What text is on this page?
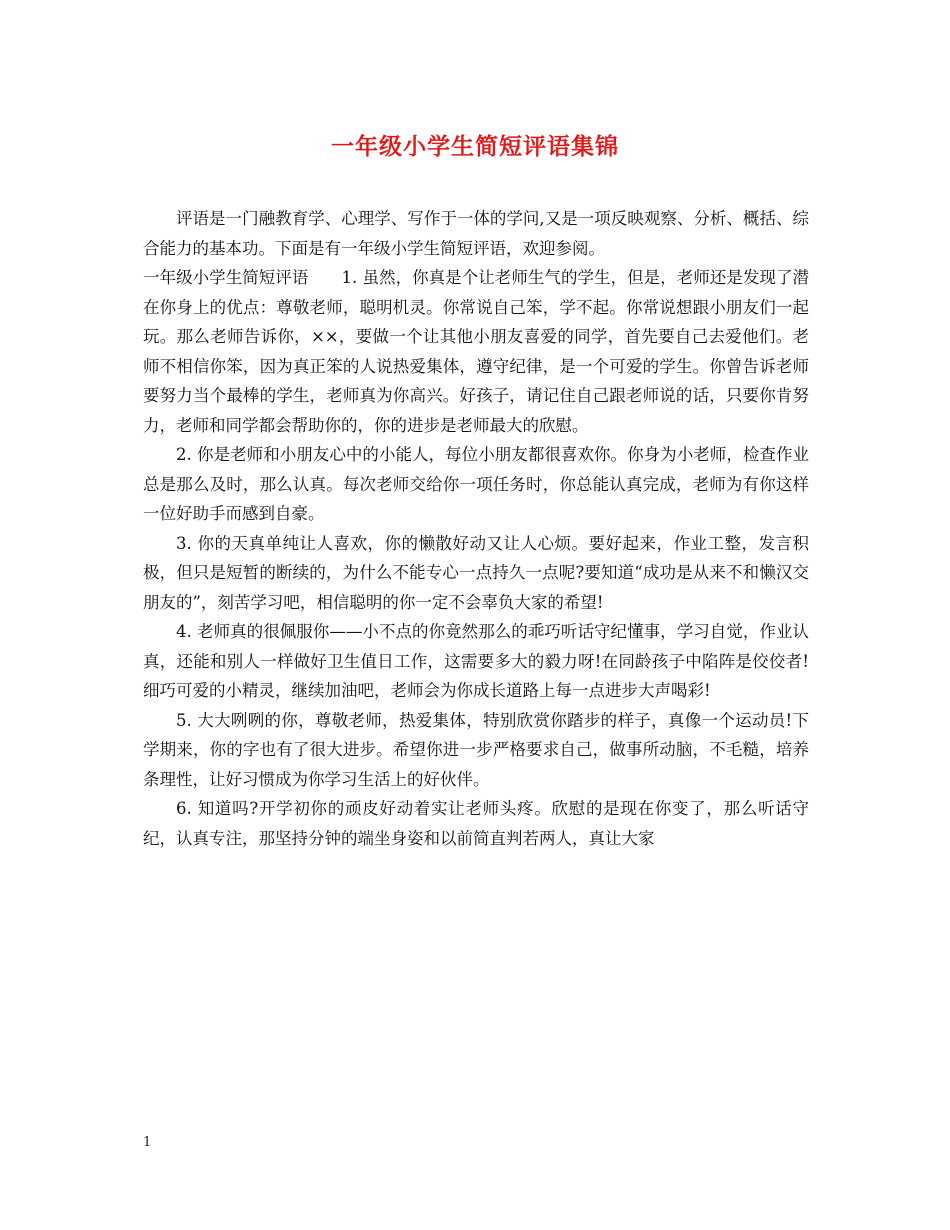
一年级小学生简短评语集锦

评语是一门融教育学、心理学、写作于一体的学问,又是一项反映观察、分析、概括、综合能力的基本功。下面是有一年级小学生简短评语，欢迎参阅。

一年级小学生简短评语　　1. 虽然，你真是个让老师生气的学生，但是，老师还是发现了潜在你身上的优点：尊敬老师，聪明机灵。你常说自己笨，学不起。你常说想跟小朋友们一起玩。那么老师告诉你，××，要做一个让其他小朋友喜爱的同学，首先要自己去爱他们。老师不相信你笨，因为真正笨的人说热爱集体，遵守纪律，是一个可爱的学生。你曾告诉老师要努力当个最棒的学生，老师真为你高兴。好孩子，请记住自己跟老师说的话，只要你肯努力，老师和同学都会帮助你的，你的进步是老师最大的欣慰。

2. 你是老师和小朋友心中的小能人，每位小朋友都很喜欢你。你身为小老师，检查作业总是那么及时，那么认真。每次老师交给你一项任务时，你总能认真完成，老师为有你这样一位好助手而感到自豪。

3. 你的天真单纯让人喜欢，你的懒散好动又让人心烦。要好起来，作业工整，发言积极，但只是短暂的断续的，为什么不能专心一点持久一点呢?要知道“成功是从来不和懒汉交朋友的”，刻苦学习吧，相信聪明的你一定不会辜负大家的希望!

4. 老师真的很佩服你——小不点的你竟然那么的乖巧听话守纪懂事，学习自觉，作业认真，还能和别人一样做好卫生值日工作，这需要多大的毅力呀!在同龄孩子中陷阵是佼佼者!细巧可爱的小精灵，继续加油吧，老师会为你成长道路上每一点进步大声喝彩!

5. 大大咧咧的你，尊敬老师，热爱集体，特别欣赏你踏步的样子，真像一个运动员!下学期来，你的字也有了很大进步。希望你进一步严格要求自己，做事所动脑，不毛糙，培养条理性，让好习惯成为你学习生活上的好伙伴。

6. 知道吗?开学初你的顽皮好动着实让老师头疼。欣慰的是现在你变了，那么听话守纪，认真专注，那坚持分钟的端坐身姿和以前简直判若两人，真让大家

1
